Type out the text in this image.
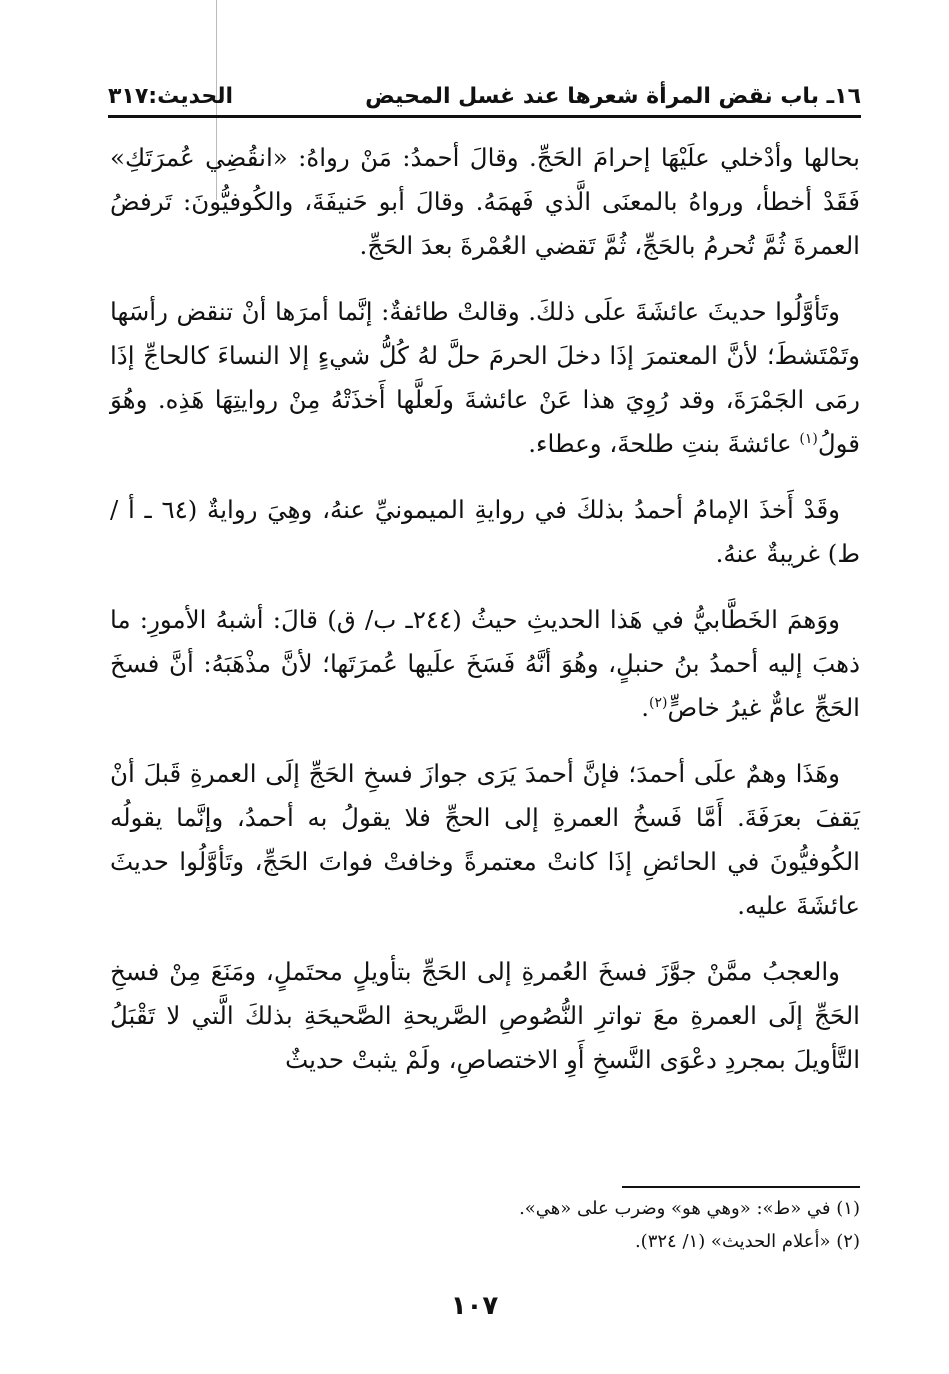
١٦ـ باب نقض المرأة شعرها عند غسل المحيض
الحديث:٣١٧

بحالها وأدْخلي علَيْهَا إحرامَ الحَجِّ. وقالَ أحمدُ: مَنْ رواهُ: «انقُضِي عُمرَتَكِ» فَقَدْ أخطأ، ورواهُ بالمعنَى الَّذي فَهمَهُ. وقالَ أبو حَنيفَةَ، والكُوفيُّونَ: تَرفضُ العمرةَ ثُمَّ تُحرمُ بالحَجِّ، ثُمَّ تَقضي العُمْرةَ بعدَ الحَجِّ.

وتَأوَّلُوا حديثَ عائشَةَ علَى ذلكَ. وقالتْ طائفةٌ: إنَّما أمرَها أنْ تنقض رأسَها وتَمْتَشطَ؛ لأنَّ المعتمرَ إذَا دخلَ الحرمَ حلَّ لهُ كُلُّ شيءٍ إلا النساءَ كالحاجِّ إذَا رمَى الجَمْرَةَ، وقد رُوِيَ هذا عَنْ عائشةَ ولَعلَّها أَخذَتْهُ مِنْ روايتِهَا هَذِه. وهُوَ قولُ$^{(١)}$ عائشةَ بنتِ طلحةَ، وعطاء.

وقَدْ أَخذَ الإمامُ أحمدُ بذلكَ في روايةِ الميمونيِّ عنهُ، وهِيَ روايةٌ (٦٤ ـ أ / ط) غريبةٌ عنهُ.

ووَهمَ الخَطَّابيُّ في هَذا الحديثِ حيثُ (٢٤٤ـ ب/ ق) قالَ: أشبهُ الأمورِ: ما ذهبَ إليه أحمدُ بنُ حنبلٍ، وهُوَ أنَّهُ فَسَخَ علَيها عُمرَتَها؛ لأنَّ مذْهَبَهُ: أنَّ فسخَ الحَجِّ عامٌّ غيرُ خاصٍّ$^{(٢)}$.

وهَذَا وهمٌ علَى أحمدَ؛ فإنَّ أحمدَ يَرَى جوازَ فسخِ الحَجِّ إلَى العمرةِ قَبلَ أنْ يَقفَ بعرَفَةَ. أَمَّا فَسخُ العمرةِ إلى الحجِّ فلا يقولُ به أحمدُ، وإنَّما يقولُه الكُوفيُّونَ في الحائضِ إذَا كانتْ معتمرةً وخافتْ فواتَ الحَجِّ، وتَأوَّلُوا حديثَ عائشَةَ عليه.

والعجبُ ممَّنْ جوَّزَ فسخَ العُمرةِ إلى الحَجِّ بتأويلٍ محتَملٍ، ومَنَعَ مِنْ فسخِ الحَجِّ إلَى العمرةِ معَ تواترِ النُّصُوصِ الصَّريحةِ الصَّحيحَةِ بذلكَ الَّتي لا تَقْبَلُ التَّأويلَ بمجردِ دعْوَى النَّسخِ أَوِ الاختصاصِ، ولَمْ يثبتْ حديثٌ

(١) في «ط»: «وهي هو» وضرب على «هي».
(٢) «أعلام الحديث» (١/ ٣٢٤).
١٠٧
